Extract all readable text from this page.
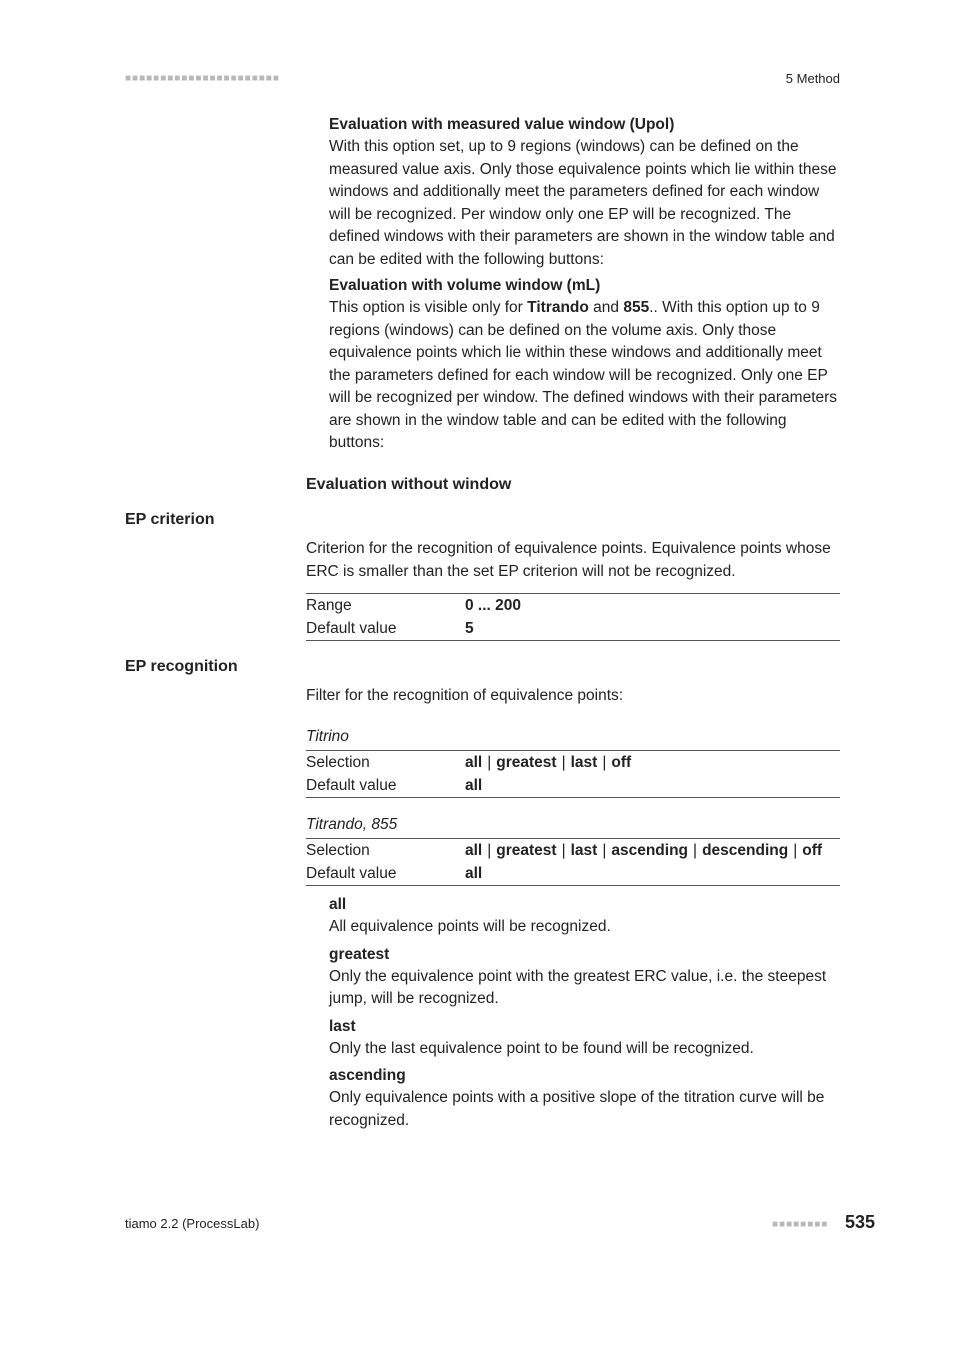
■■■■■■■■■■■■■■■■■■■■■■	5 Method
Evaluation with measured value window (Upol)
With this option set, up to 9 regions (windows) can be defined on the measured value axis. Only those equivalence points which lie within these windows and additionally meet the parameters defined for each window will be recognized. Per window only one EP will be recognized. The defined windows with their parameters are shown in the window table and can be edited with the following buttons:
Evaluation with volume window (mL)
This option is visible only for Titrando and 855.. With this option up to 9 regions (windows) can be defined on the volume axis. Only those equivalence points which lie within these windows and additionally meet the parameters defined for each window will be recognized. Only one EP will be recognized per window. The defined windows with their parameters are shown in the window table and can be edited with the following buttons:
Evaluation without window
EP criterion
Criterion for the recognition of equivalence points. Equivalence points whose ERC is smaller than the set EP criterion will not be recognized.
Range	0 ... 200
Default value	5
EP recognition
Filter for the recognition of equivalence points:
Titrino
Selection	all | greatest | last | off
Default value	all
Titrando, 855
Selection	all | greatest | last | ascending | descending | off
Default value	all
all
All equivalence points will be recognized.
greatest
Only the equivalence point with the greatest ERC value, i.e. the steepest jump, will be recognized.
last
Only the last equivalence point to be found will be recognized.
ascending
Only equivalence points with a positive slope of the titration curve will be recognized.
tiamo 2.2 (ProcessLab)	■■■■■■■■ 535
